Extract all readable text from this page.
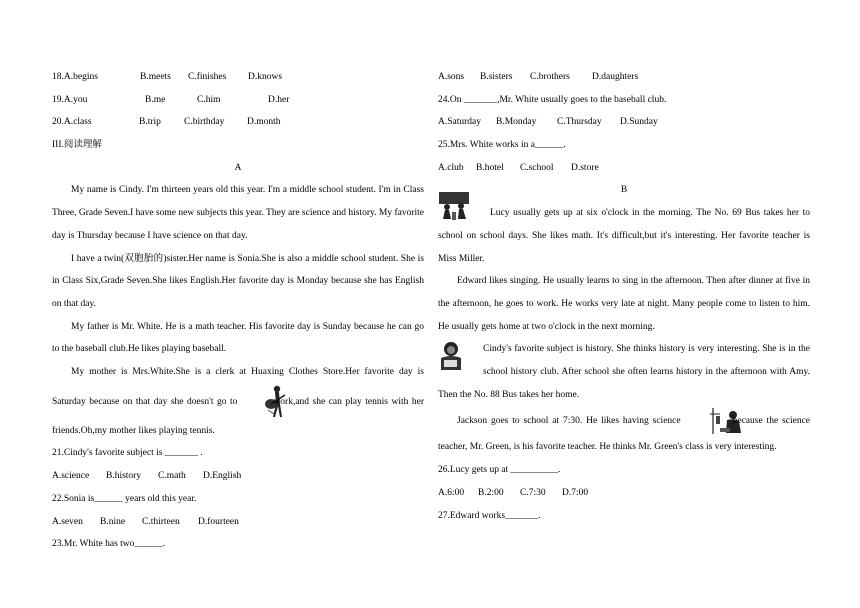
18.A.begins	B.meets C.finishes D.knows
19.A.you	B.me	C.him	D.her
20.A.class	B.trip C.birthday D.month
III.阅读理解
A
My name is Cindy. I'm thirteen years old this year. I'm a middle school student. I'm in Class Three, Grade Seven.I have some new subjects this year. They are science and history. My favorite day is Thursday because I have science on that day.
I have a twin(双胞胎的)sister.Her name is Sonia.She is also a middle school student. She is in Class Six,Grade Seven.She likes English.Her favorite day is Monday because she has English on that day.
My father is Mr. White. He is a math teacher. His favorite day is Sunday because he can go to the baseball club.He likes playing baseball.
My mother is Mrs.White.She is a clerk at Huaxing Clothes Store.Her favorite day is Saturday because on that day she doesn't go to	work,and she can play tennis with her friends.Oh,my mother likes playing tennis.
21.Cindy's favorite subject is _______ .
A.science B.history C.math D.English
22.Sonia is______ years old this year.
A.seven B.nine C.thirteen D.fourteen
23.Mr. White has two______.
A.sons B.sisters C.brothers D.daughters
24.On _______,Mr. White usually goes to the baseball club.
A.Saturday B.Monday C.Thursday D.Sunday
25.Mrs. White works in a______.
A.club B.hotel C.school D.store
B
Lucy usually gets up at six o'clock in the morning. The No. 69 Bus takes her to school on school days. She likes math. It's difficult,but it's interesting. Her favorite teacher is Miss Miller.
Edward likes singing. He usually learns to sing in the afternoon. Then after dinner at five in the afternoon, he goes to work. He works very late at night. Many people come to listen to him. He usually gets home at two o'clock in the next morning.
Cindy's favorite subject is history. She thinks history is very interesting. She is in the school history club. After school she often learns history in the afternoon with Amy. Then the No. 88 Bus takes her home.
Jackson goes to school at 7:30. He likes having science	because the science teacher, Mr. Green, is his favorite teacher. He thinks Mr. Green's class is very interesting.
26.Lucy gets up at __________.
A.6:00 B.2:00 C.7:30 D.7:00
27.Edward works_______.
